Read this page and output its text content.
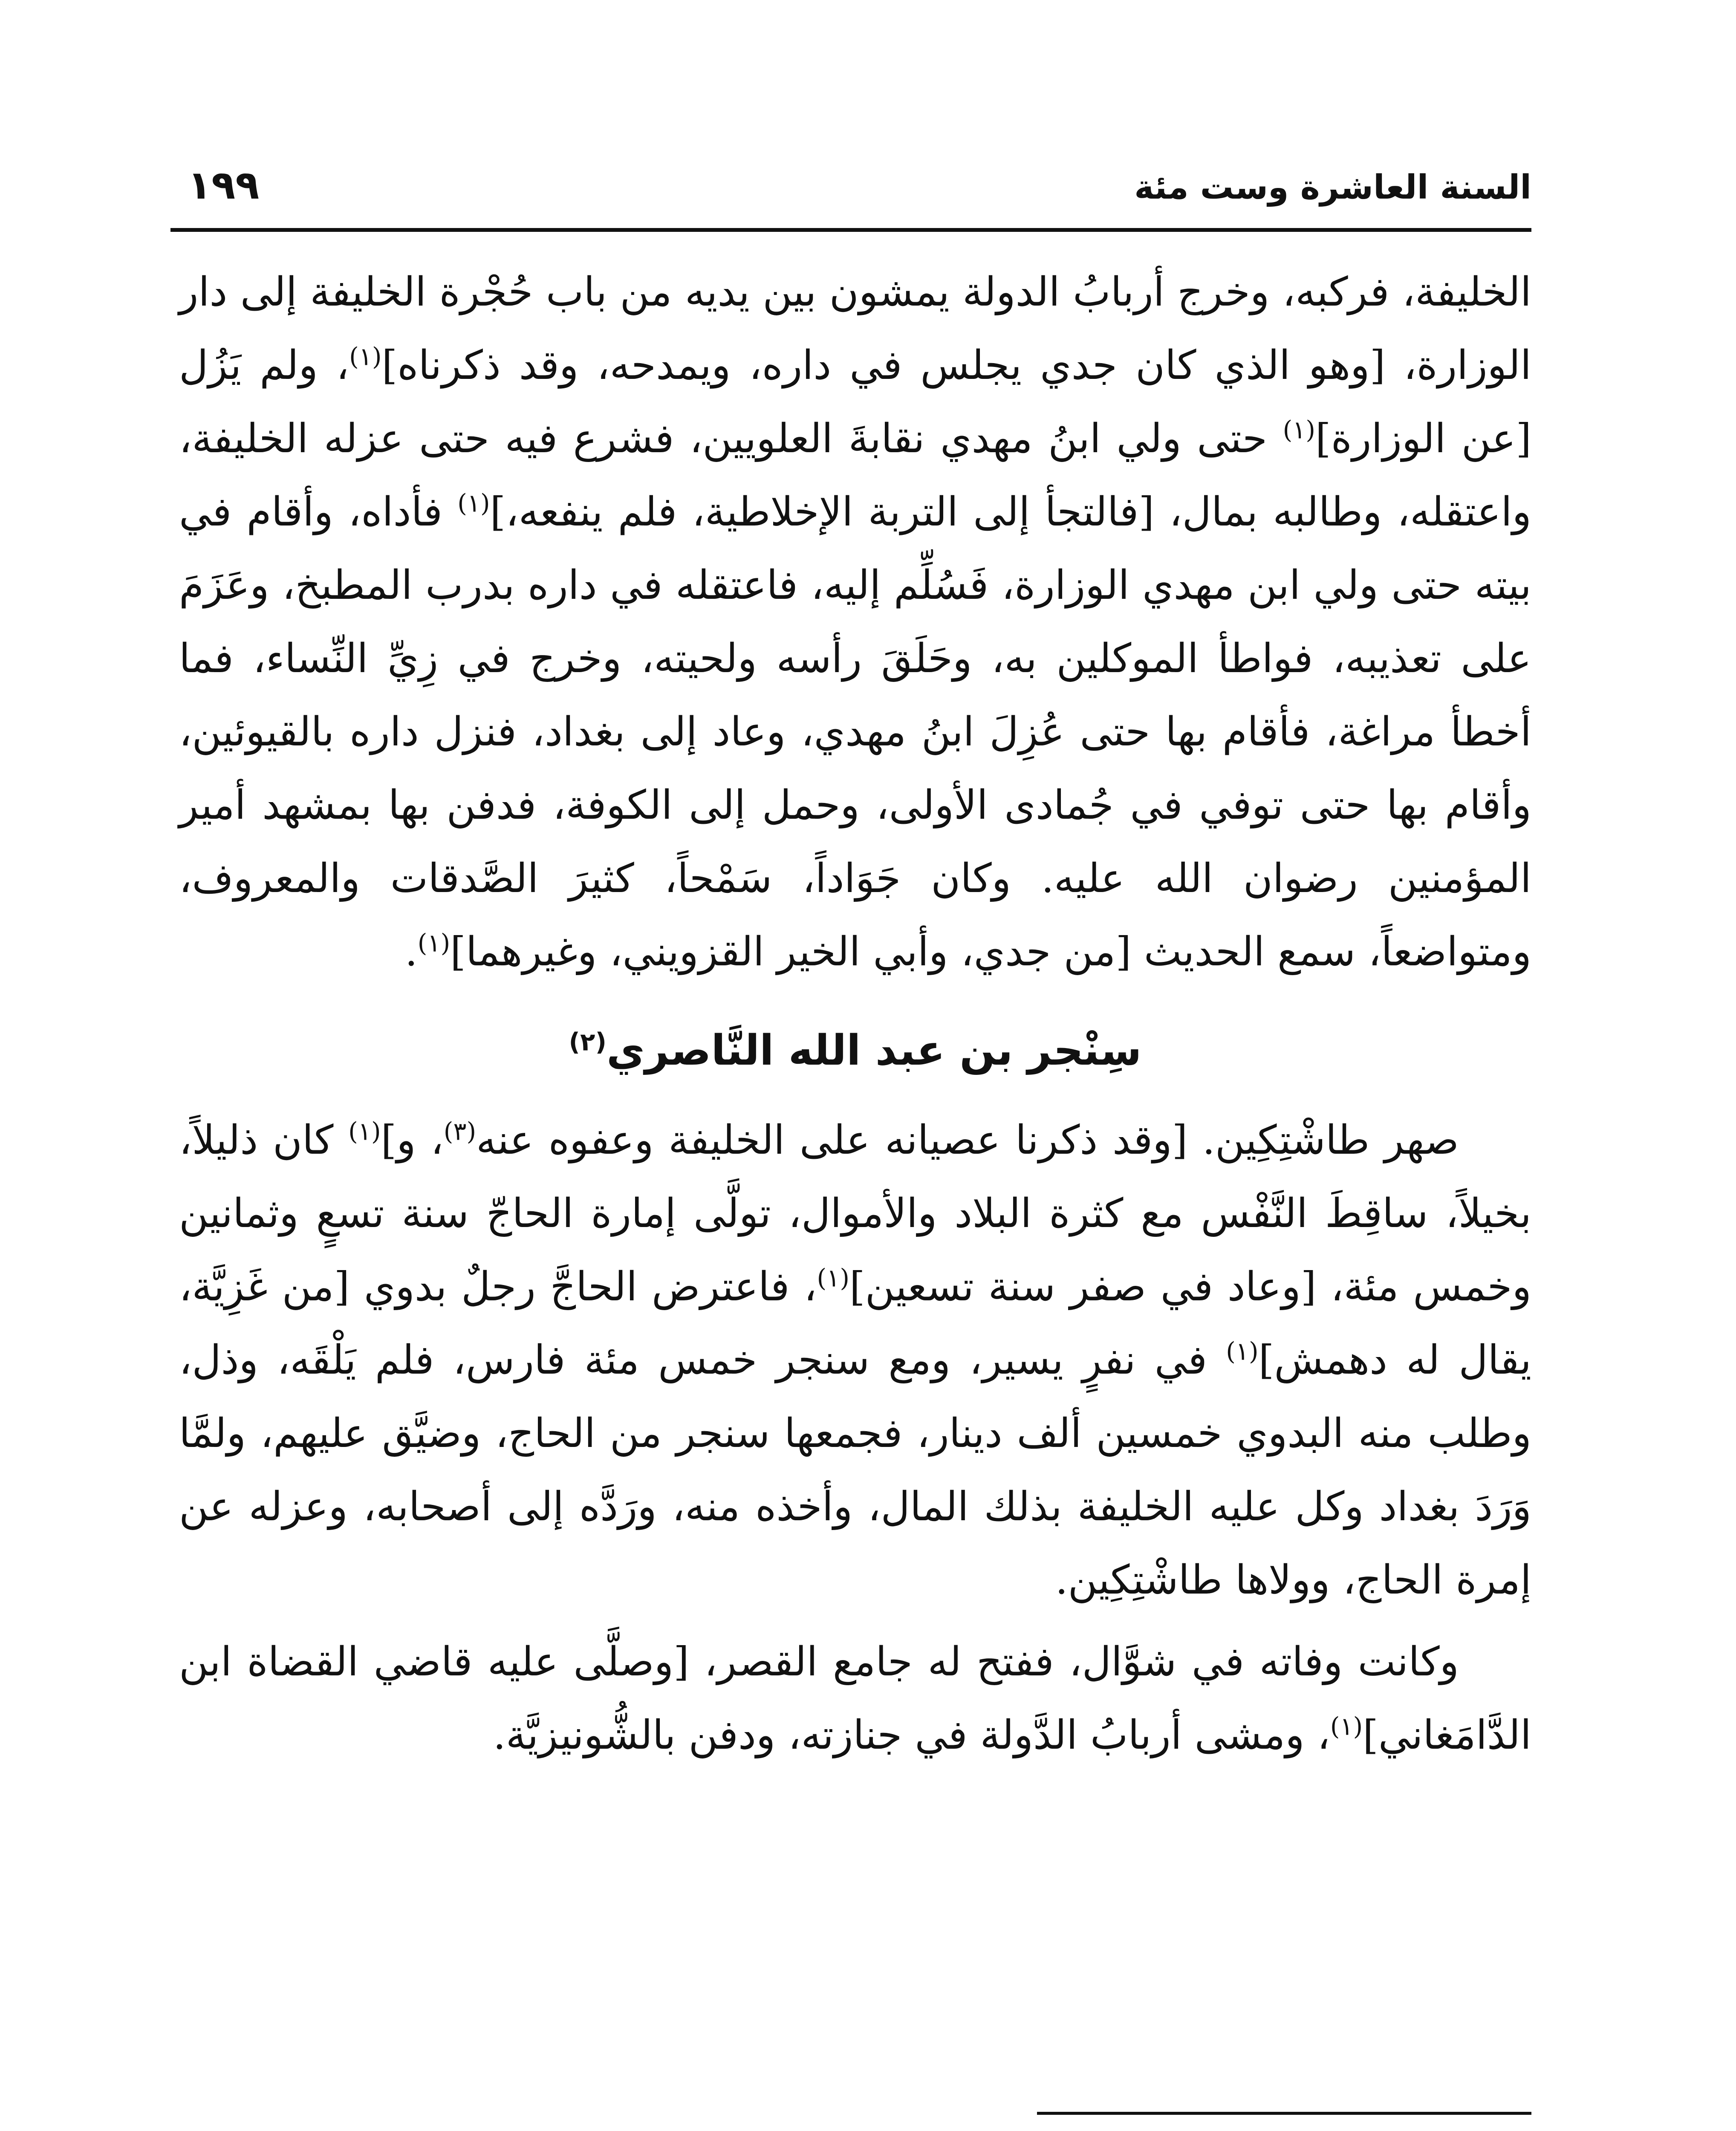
السنة العاشرة وست مئة
١٩٩

الخليفة، فركبه، وخرج أربابُ الدولة يمشون بين يديه من باب حُجْرة الخليفة إلى دار الوزارة، [وهو الذي كان جدي يجلس في داره، ويمدحه، وقد ذكرناه]$^{(١)}$، ولم يَزُل [عن الوزارة]$^{(١)}$ حتى ولي ابنُ مهدي نقابةَ العلويين، فشرع فيه حتى عزله الخليفة، واعتقله، وطالبه بمال، [فالتجأ إلى التربة الإخلاطية، فلم ينفعه،]$^{(١)}$ فأداه، وأقام في بيته حتى ولي ابن مهدي الوزارة، فَسُلِّم إليه، فاعتقله في داره بدرب المطبخ، وعَزَمَ على تعذيبه، فواطأ الموكلين به، وحَلَقَ رأسه ولحيته، وخرج في زِيِّ النِّساء، فما أخطأ مراغة، فأقام بها حتى عُزِلَ ابنُ مهدي، وعاد إلى بغداد، فنزل داره بالقيوئين، وأقام بها حتى توفي في جُمادى الأولى، وحمل إلى الكوفة، فدفن بها بمشهد أمير المؤمنين رضوان الله عليه. وكان جَوَاداً، سَمْحاً، كثيرَ الصَّدقات والمعروف، ومتواضعاً، سمع الحديث [من جدي، وأبي الخير القزويني، وغيرهما]$^{(١)}$.

سِنْجر بن عبد الله النَّاصري$^{(٢)}$

صهر طاشْتِكِين. [وقد ذكرنا عصيانه على الخليفة وعفوه عنه$^{(٣)}$، و]$^{(١)}$ كان ذليلاً، بخيلاً، ساقِطَ النَّفْس مع كثرة البلاد والأموال، تولَّى إمارة الحاجّ سنة تسعٍ وثمانين وخمس مئة، [وعاد في صفر سنة تسعين]$^{(١)}$، فاعترض الحاجَّ رجلٌ بدوي [من غَزِيَّة، يقال له دهمش]$^{(١)}$ في نفرٍ يسير، ومع سنجر خمس مئة فارس، فلم يَلْقَه، وذل، وطلب منه البدوي خمسين ألف دينار، فجمعها سنجر من الحاج، وضيَّق عليهم، ولمَّا وَرَدَ بغداد وكل عليه الخليفة بذلك المال، وأخذه منه، ورَدَّه إلى أصحابه، وعزله عن إمرة الحاج، وولاها طاشْتِكِين.

وكانت وفاته في شوَّال، ففتح له جامع القصر، [وصلَّى عليه قاضي القضاة ابن الدَّامَغاني]$^{(١)}$، ومشى أربابُ الدَّولة في جنازته، ودفن بالشُّونيزيَّة.
